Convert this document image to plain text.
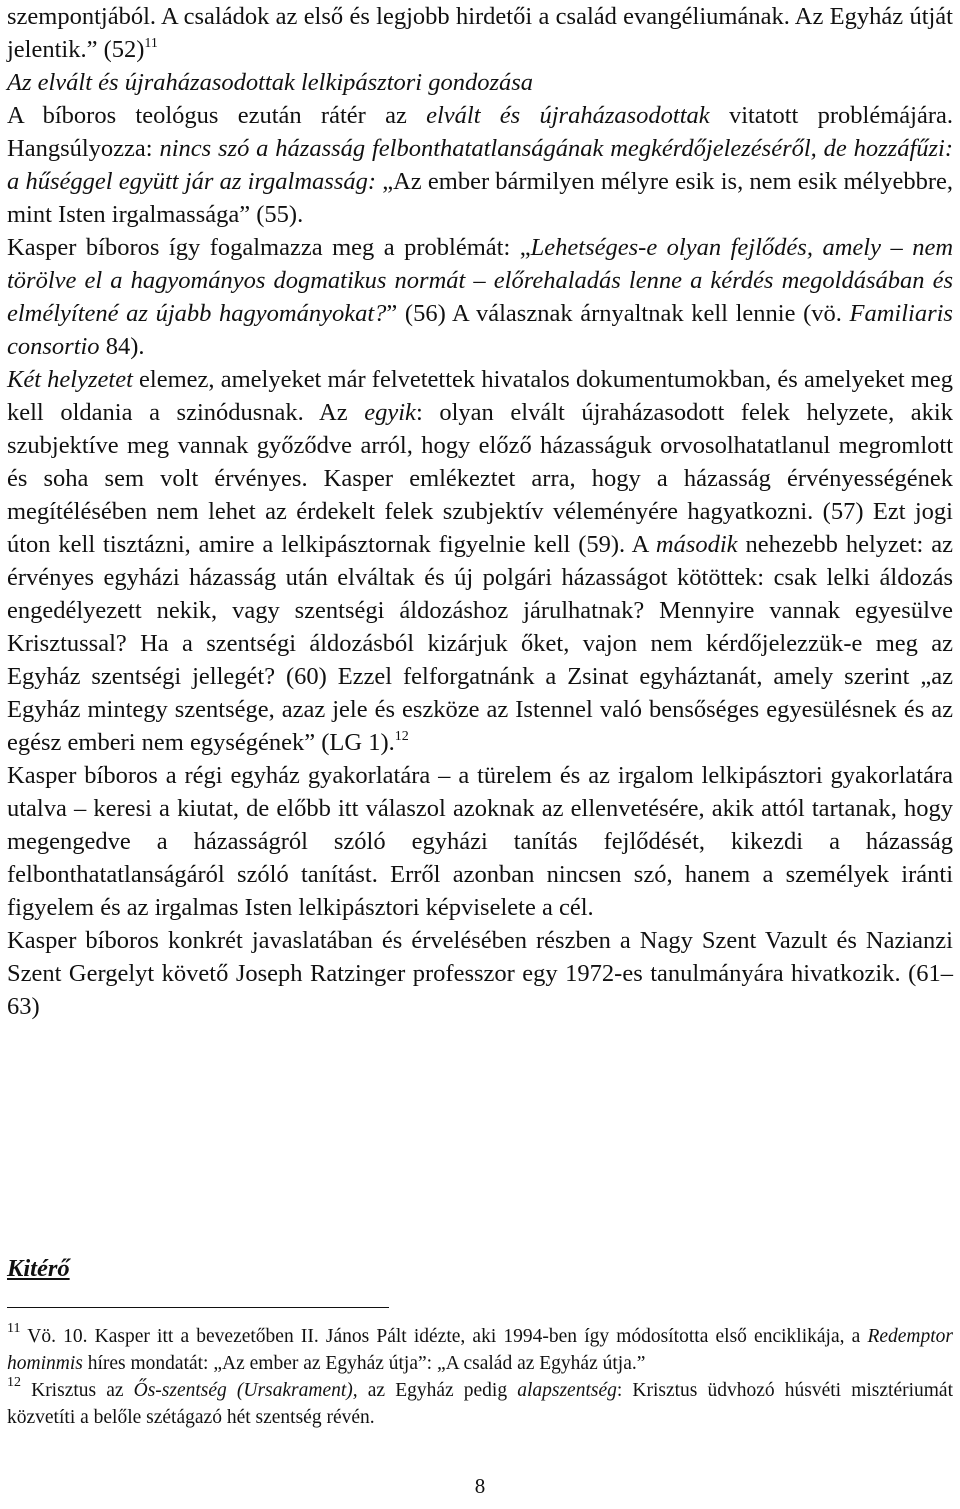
szempontjából. A családok az első és legjobb hirdetői a család evangéliumának. Az Egyház útját jelentik.” $(52)^{11}$

Az elvált és újraházasodottak lelkipásztori gondozása

A bíboros teológus ezután rátér az elvált és újraházasodottak vitatott problémájára. Hangsúlyozza: nincs szó a házasság felbonthatatlanságának megkérdőjelezéséről, de hozzáfűzi: a hűséggel együtt jár az irgalmasság: „Az ember bármilyen mélyre esik is, nem esik mélyebbre, mint Isten irgalmassága” (55).

Kasper bíboros így fogalmazza meg a problémát: „Lehetséges-e olyan fejlődés, amely – nem törölve el a hagyományos dogmatikus normát – előrehaladás lenne a kérdés megoldásában és elmélyítené az újabb hagyományokat?” (56) A válasznak árnyaltnak kell lennie (vö. Familiaris consortio 84).

Két helyzetet elemez, amelyeket már felvetettek hivatalos dokumentumokban, és amelyeket meg kell oldania a szinódusnak. Az egyik: olyan elvált újraházasodott felek helyzete, akik szubjektíve meg vannak győződve arról, hogy előző házasságuk orvosolhatatlanul megromlott és soha sem volt érvényes. Kasper emlékeztet arra, hogy a házasság érvényességének megítélésében nem lehet az érdekelt felek szubjektív véleményére hagyatkozni. (57) Ezt jogi úton kell tisztázni, amire a lelkipásztornak figyelnie kell (59). A második nehezebb helyzet: az érvényes egyházi házasság után elváltak és új polgári házasságot kötöttek: csak lelki áldozás engedélyezett nekik, vagy szentségi áldozáshoz járulhatnak? Mennyire vannak egyesülve Krisztussal? Ha a szentségi áldozásból kizárjuk őket, vajon nem kérdőjelezzük-e meg az Egyház szentségi jellegét? (60) Ezzel felforgatnánk a Zsinat egyháztanát, amely szerint „az Egyház mintegy szentsége, azaz jele és eszköze az Istennel való bensőséges egyesülésnek és az egész emberi nem egységének” (LG 1).$^{12}$

Kasper bíboros a régi egyház gyakorlatára – a türelem és az irgalom lelkipásztori gyakorlatára utalva – keresi a kiutat, de előbb itt válaszol azoknak az ellenvetésére, akik attól tartanak, hogy megengedve a házasságról szóló egyházi tanítás fejlődését, kikezdi a házasság felbonthatatlanságáról szóló tanítást. Erről azonban nincsen szó, hanem a személyek iránti figyelem és az irgalmas Isten lelkipásztori képviselete a cél.

Kasper bíboros konkrét javaslatában és érvelésében részben a Nagy Szent Vazult és Nazianzi Szent Gergelyt követő Joseph Ratzinger professzor egy 1972-es tanulmányára hivatkozik. (61–63)

Kitérő

$^{11}$ Vö. 10. Kasper itt a bevezetőben II. János Pált idézte, aki 1994-ben így módosította első enciklikája, a Redemptor hominmis híres mondatát: „Az ember az Egyház útja”: „A család az Egyház útja.”

$^{12}$ Krisztus az Ős-szentség (Ursakrament), az Egyház pedig alapszentség: Krisztus üdvhozó húsvéti misztériumát közvetíti a belőle szétágazó hét szentség révén.

8
